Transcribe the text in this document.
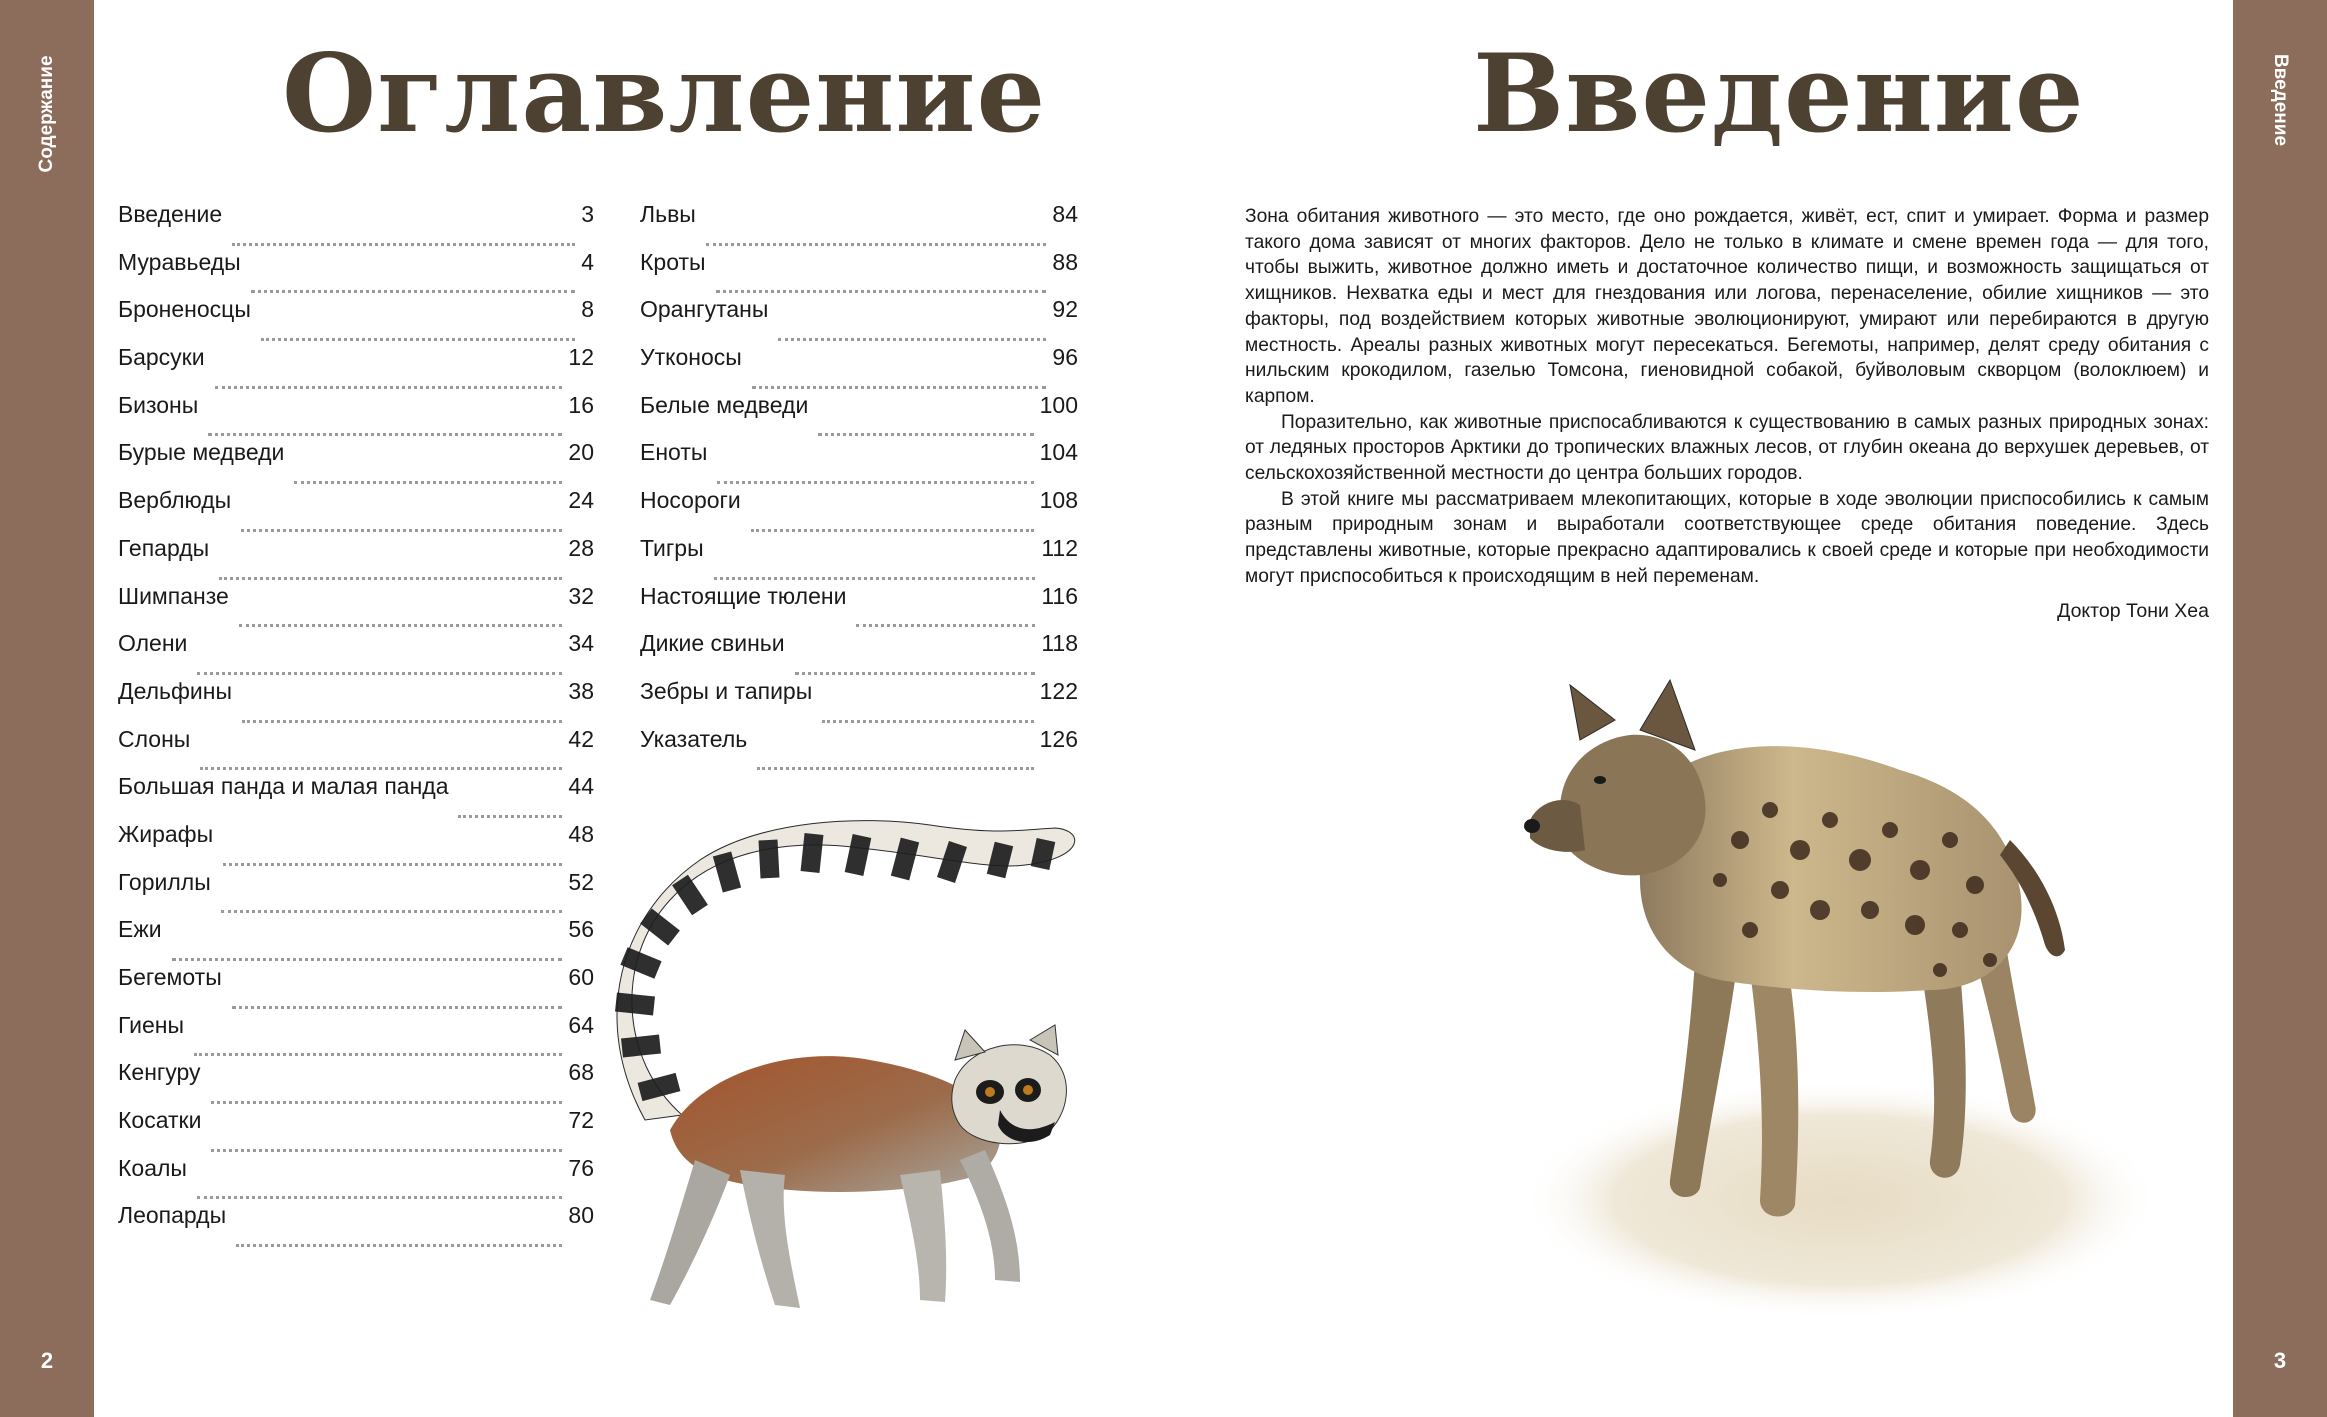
Содержание
2
Введение
3
Оглавление	Введение
Введение	3
Муравьеды	4
Броненосцы	8
Барсуки	12
Бизоны	16
Бурые медведи	20
Верблюды	24
Гепарды	28
Шимпанзе	32
Олени	34
Дельфины	38
Слоны	42
Большая панда и малая панда	44
Жирафы	48
Гориллы	52
Ежи	56
Бегемоты	60
Гиены	64
Кенгуру	68
Косатки	72
Коалы	76
Леопарды	80
Львы	84
Кроты	88
Орангутаны	92
Утконосы	96
Белые медведи	100
Еноты	104
Носороги	108
Тигры	112
Настоящие тюлени	116
Дикие свиньи	118
Зебры и тапиры	122
Указатель	126

Зона обитания животного — это место, где оно рождается, живёт, ест, спит и умирает. Форма и размер такого дома зависят от многих факторов. Дело не только в климате и смене времен года — для того, чтобы выжить, животное должно иметь и достаточное количество пищи, и возможность защищаться от хищников. Нехватка еды и мест для гнездования или логова, перенаселение, обилие хищников — это факторы, под воздействием которых животные эволюционируют, умирают или перебираются в другую местность. Ареалы разных животных могут пересекаться. Бегемоты, например, делят среду обитания с нильским крокодилом, газелью Томсона, гиеновидной собакой, буйволовым скворцом (волоклюем) и карпом.

Поразительно, как животные приспосабливаются к существованию в самых разных природных зонах: от ледяных просторов Арктики до тропических влажных лесов, от глубин океана до верхушек деревьев, от сельскохозяйственной местности до центра больших городов.

В этой книге мы рассматриваем млекопитающих, которые в ходе эволюции приспособились к самым разным природным зонам и выработали соответствующее среде обитания поведение. Здесь представлены животные, которые прекрасно адаптировались к своей среде и которые при необходимости могут приспособиться к происходящим в ней переменам.

Доктор Тони Хеа
